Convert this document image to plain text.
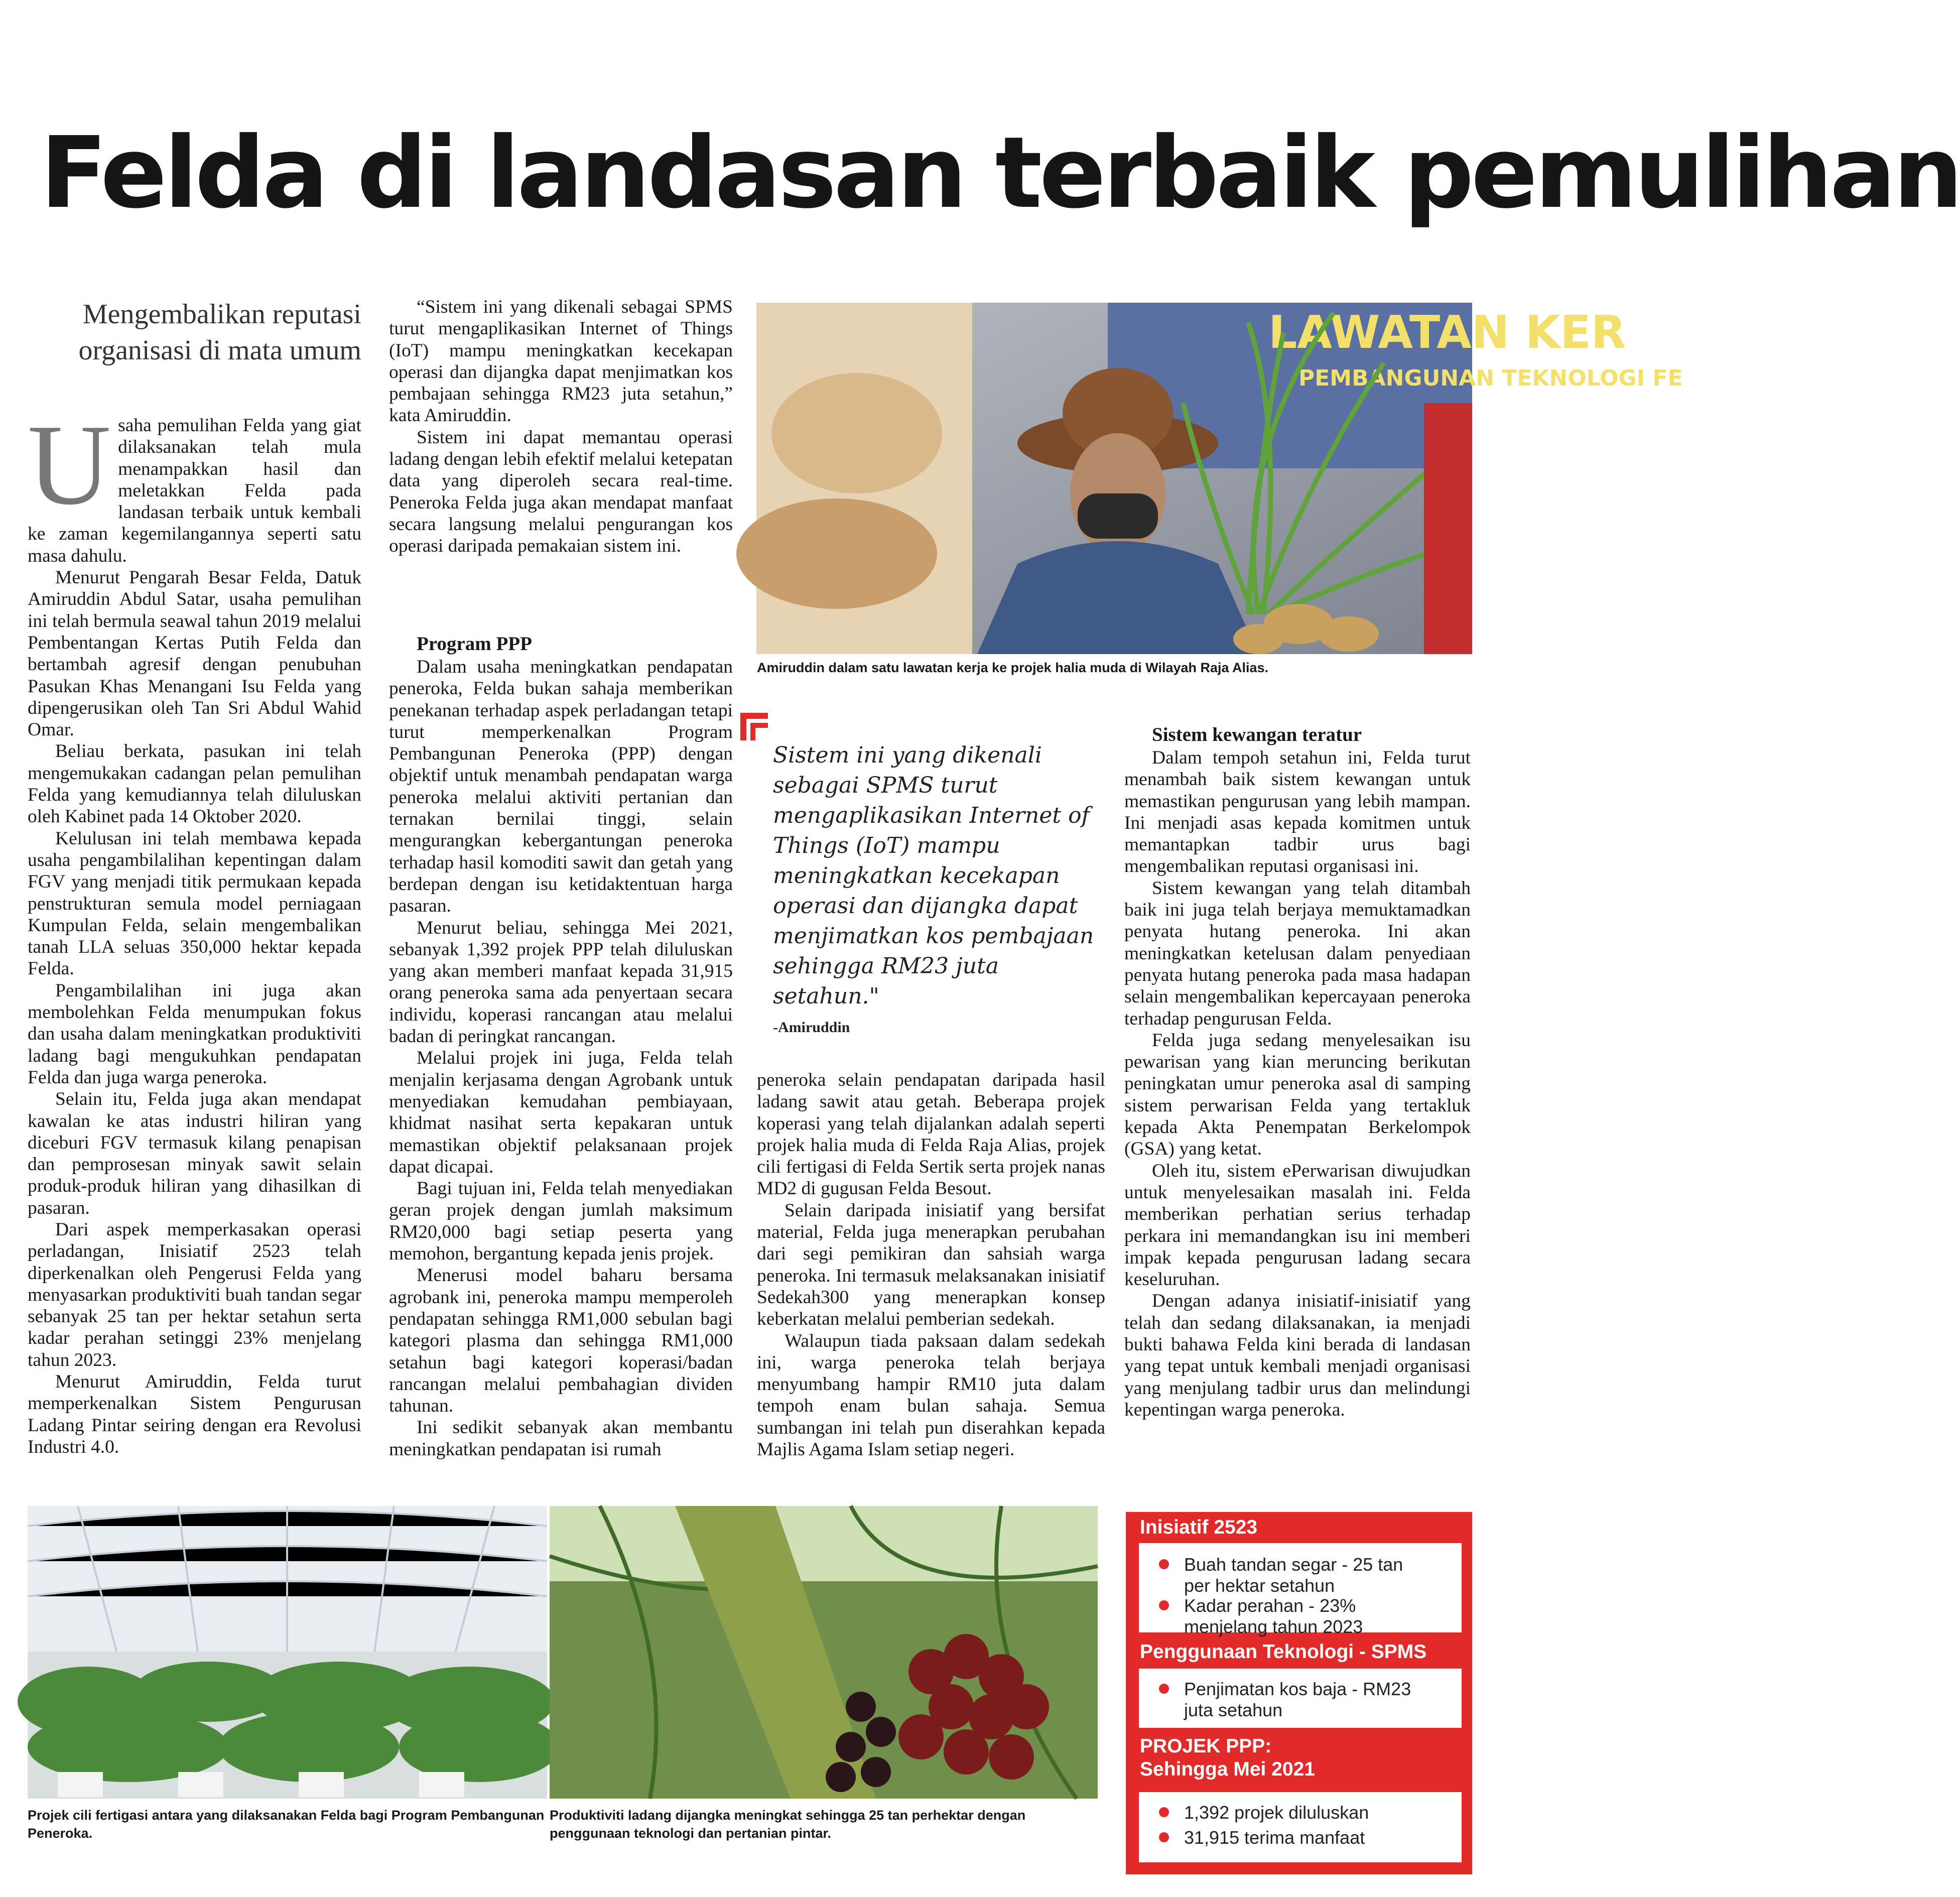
Felda di landasan terbaik pemulihan
Mengembalikan reputasi organisasi di mata umum

Usaha pemulihan Felda yang giat dilaksanakan telah mula menampakkan hasil dan meletakkan Felda pada landasan terbaik untuk kembali ke zaman kegemilangannya seperti satu masa dahulu.

Menurut Pengarah Besar Felda, Datuk Amiruddin Abdul Satar, usaha pemulihan ini telah bermula seawal tahun 2019 melalui Pembentangan Kertas Putih Felda dan bertambah agresif dengan penubuhan Pasukan Khas Menangani Isu Felda yang dipengerusikan oleh Tan Sri Abdul Wahid Omar.

Beliau berkata, pasukan ini telah mengemukakan cadangan pelan pemulihan Felda yang kemudiannya telah diluluskan oleh Kabinet pada 14 Oktober 2020.

Kelulusan ini telah membawa kepada usaha pengambilalihan kepentingan dalam FGV yang menjadi titik permukaan kepada penstrukturan semula model perniagaan Kumpulan Felda, selain mengembalikan tanah LLA seluas 350,000 hektar kepada Felda.

Pengambilalihan ini juga akan membolehkan Felda menumpukan fokus dan usaha dalam meningkatkan produktiviti ladang bagi mengukuhkan pendapatan Felda dan juga warga peneroka.

Selain itu, Felda juga akan mendapat kawalan ke atas industri hiliran yang diceburi FGV termasuk kilang penapisan dan pemprosesan minyak sawit selain produk-produk hiliran yang dihasilkan di pasaran.

Dari aspek memperkasakan operasi perladangan, Inisiatif 2523 telah diperkenalkan oleh Pengerusi Felda yang menyasarkan produktiviti buah tandan segar sebanyak 25 tan per hektar setahun serta kadar perahan setinggi 23% menjelang tahun 2023.

Menurut Amiruddin, Felda turut memperkenalkan Sistem Pengurusan Ladang Pintar seiring dengan era Revolusi Industri 4.0.

“Sistem ini yang dikenali sebagai SPMS turut mengaplikasikan Internet of Things (IoT) mampu meningkatkan kecekapan operasi dan dijangka dapat menjimatkan kos pembajaan sehingga RM23 juta setahun,” kata Amiruddin.

Sistem ini dapat memantau operasi ladang dengan lebih efektif melalui ketepatan data yang diperoleh secara real-time. Peneroka Felda juga akan mendapat manfaat secara langsung melalui pengurangan kos operasi daripada pemakaian sistem ini.

Program PPP

Dalam usaha meningkatkan pendapatan peneroka, Felda bukan sahaja memberikan penekanan terhadap aspek perladangan tetapi turut memperkenalkan Program Pembangunan Peneroka (PPP) dengan objektif untuk menambah pendapatan warga peneroka melalui aktiviti pertanian dan ternakan bernilai tinggi, selain mengurangkan kebergantungan peneroka terhadap hasil komoditi sawit dan getah yang berdepan dengan isu ketidaktentuan harga pasaran.

Menurut beliau, sehingga Mei 2021, sebanyak 1,392 projek PPP telah diluluskan yang akan memberi manfaat kepada 31,915 orang peneroka sama ada penyertaan secara individu, koperasi rancangan atau melalui badan di peringkat rancangan.

Melalui projek ini juga, Felda telah menjalin kerjasama dengan Agrobank untuk menyediakan kemudahan pembiayaan, khidmat nasihat serta kepakaran untuk memastikan objektif pelaksanaan projek dapat dicapai.

Bagi tujuan ini, Felda telah menyediakan geran projek dengan jumlah maksimum RM20,000 bagi setiap peserta yang memohon, bergantung kepada jenis projek.

Menerusi model baharu bersama agrobank ini, peneroka mampu memperoleh pendapatan sehingga RM1,000 sebulan bagi kategori plasma dan sehingga RM1,000 setahun bagi kategori koperasi/badan rancangan melalui pembahagian dividen tahunan.

Ini sedikit sebanyak akan membantu meningkatkan pendapatan isi rumah

peneroka selain pendapatan daripada hasil ladang sawit atau getah. Beberapa projek koperasi yang telah dijalankan adalah seperti projek halia muda di Felda Raja Alias, projek cili fertigasi di Felda Sertik serta projek nanas MD2 di gugusan Felda Besout.

Selain daripada inisiatif yang bersifat material, Felda juga menerapkan perubahan dari segi pemikiran dan sahsiah warga peneroka. Ini termasuk melaksanakan inisiatif Sedekah300 yang menerapkan konsep keberkatan melalui pemberian sedekah.

Walaupun tiada paksaan dalam sedekah ini, warga peneroka telah berjaya menyumbang hampir RM10 juta dalam tempoh enam bulan sahaja. Semua sumbangan ini telah pun diserahkan kepada Majlis Agama Islam setiap negeri.

Sistem kewangan teratur

Dalam tempoh setahun ini, Felda turut menambah baik sistem kewangan untuk memastikan pengurusan yang lebih mampan. Ini menjadi asas kepada komitmen untuk memantapkan tadbir urus bagi mengembalikan reputasi organisasi ini.

Sistem kewangan yang telah ditambah baik ini juga telah berjaya memuktamadkan penyata hutang peneroka. Ini akan meningkatkan ketelusan dalam penyediaan penyata hutang peneroka pada masa hadapan selain mengembalikan kepercayaan peneroka terhadap pengurusan Felda.

Felda juga sedang menyelesaikan isu pewarisan yang kian meruncing berikutan peningkatan umur peneroka asal di samping sistem perwarisan Felda yang tertakluk kepada Akta Penempatan Berkelompok (GSA) yang ketat.

Oleh itu, sistem ePerwarisan diwujudkan untuk menyelesaikan masalah ini. Felda memberikan perhatian serius terhadap perkara ini memandangkan isu ini memberi impak kepada pengurusan ladang secara keseluruhan.

Dengan adanya inisiatif-inisiatif yang telah dan sedang dilaksanakan, ia menjadi bukti bahawa Felda kini berada di landasan yang tepat untuk kembali menjadi organisasi yang menjulang tadbir urus dan melindungi kepentingan warga peneroka.

LAWATAN KER
PEMBANGUNAN TEKNOLOGI FE
Amiruddin dalam satu lawatan kerja ke projek halia muda di Wilayah Raja Alias.
Sistem ini yang dikenali sebagai SPMS turut mengaplikasikan Internet of Things (IoT) mampu meningkatkan kecekapan operasi dan dijangka dapat menjimatkan kos pembajaan sehingga RM23 juta setahun."
-Amiruddin
Projek cili fertigasi antara yang dilaksanakan Felda bagi Program Pembangunan Peneroka.
Produktiviti ladang dijangka meningkat sehingga 25 tan perhektar dengan penggunaan teknologi dan pertanian pintar.
Inisiatif 2523
Buah tandan segar - 25 tan per hektar setahun
Kadar perahan - 23% menjelang tahun 2023
Penggunaan Teknologi - SPMS
Penjimatan kos baja - RM23 juta setahun
PROJEK PPP:
Sehingga Mei 2021
1,392 projek diluluskan
31,915 terima manfaat
